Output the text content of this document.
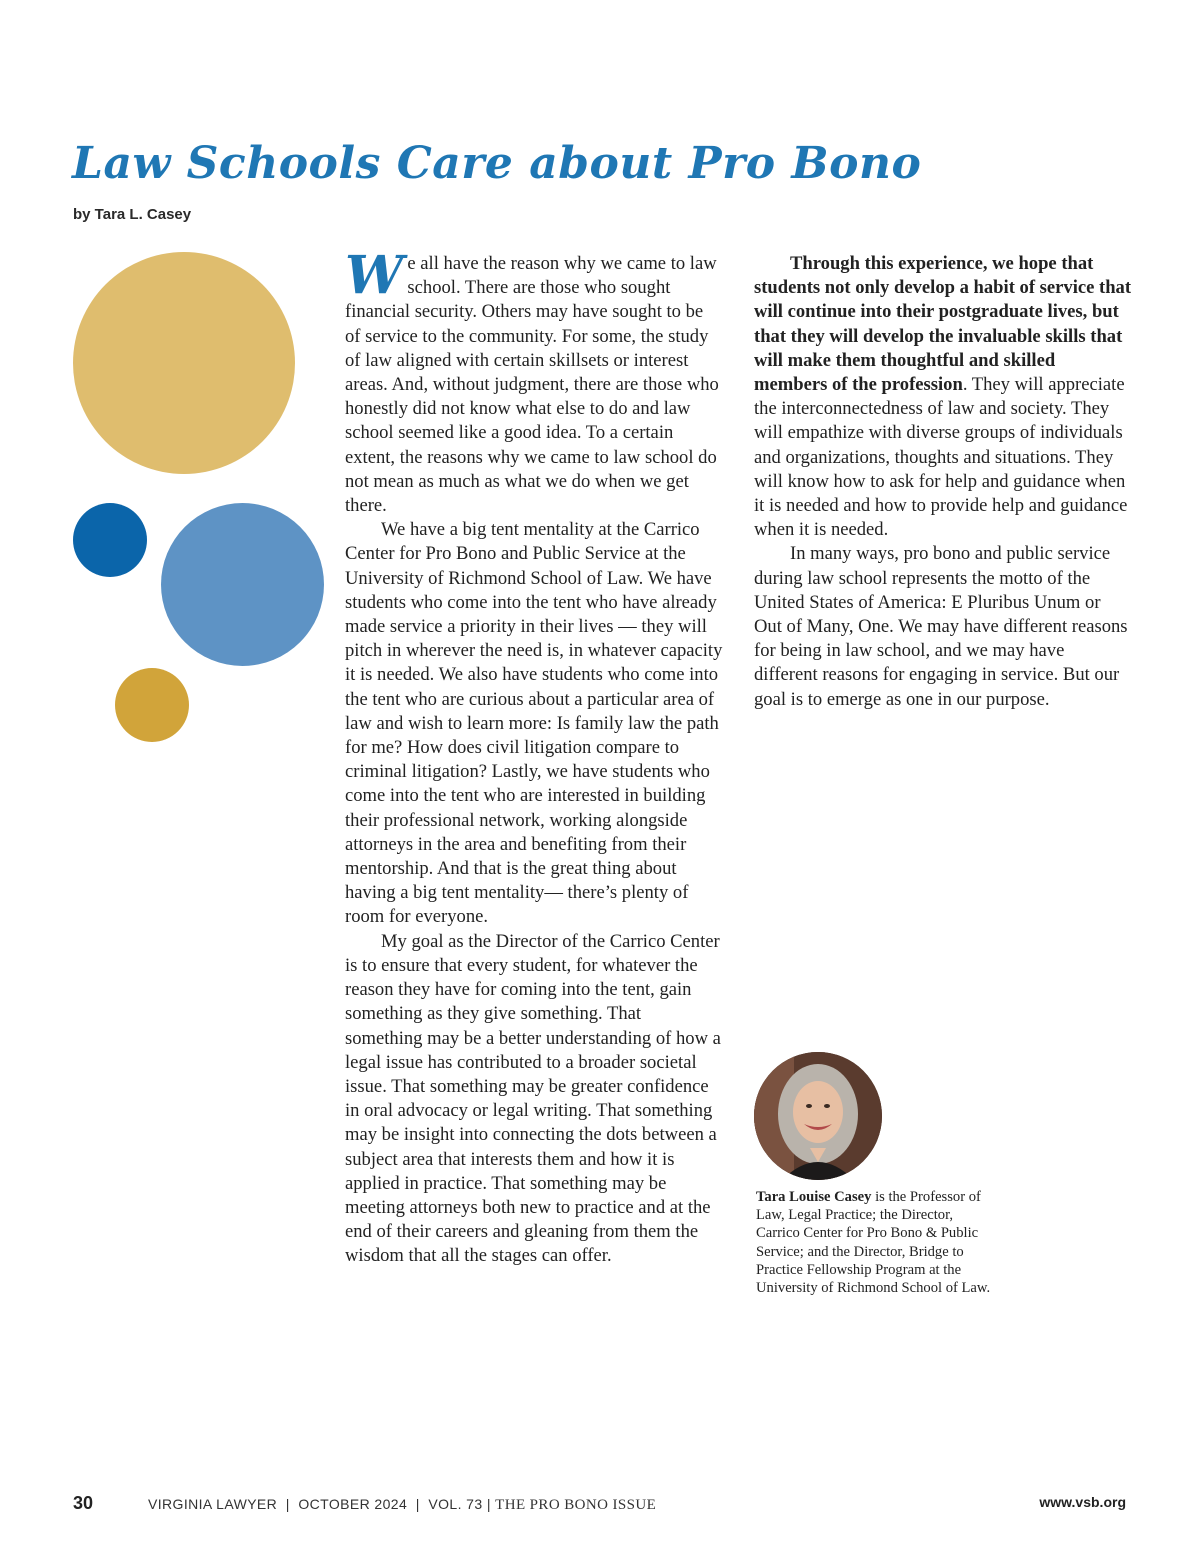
Law Schools Care about Pro Bono
by Tara L. Casey

We all have the reason why we came to law school. There are those who sought financial security. Others may have sought to be of service to the community. For some, the study of law aligned with certain skillsets or interest areas. And, without judgment, there are those who honestly did not know what else to do and law school seemed like a good idea. To a certain extent, the reasons why we came to law school do not mean as much as what we do when we get there.

We have a big tent mentality at the Carrico Center for Pro Bono and Public Service at the University of Richmond School of Law. We have students who come into the tent who have already made service a priority in their lives — they will pitch in wherever the need is, in whatever capacity it is needed. We also have students who come into the tent who are curious about a particular area of law and wish to learn more: Is family law the path for me? How does civil litigation compare to criminal litigation? Lastly, we have students who come into the tent who are interested in building their professional network, working alongside attorneys in the area and benefiting from their mentorship. And that is the great thing about having a big tent mentality— there’s plenty of room for everyone.

My goal as the Director of the Carrico Center is to ensure that every student, for whatever the reason they have for coming into the tent, gain something as they give something. That something may be a better understanding of how a legal issue has contributed to a broader societal issue. That something may be greater confidence in oral advocacy or legal writing. That something may be insight into connecting the dots between a subject area that interests them and how it is applied in practice. That something may be meeting attorneys both new to practice and at the end of their careers and gleaning from them the wisdom that all the stages can offer.

Through this experience, we hope that students not only develop a habit of service that will continue into their postgraduate lives, but that they will develop the invaluable skills that will make them thoughtful and skilled members of the profession. They will appreciate the interconnectedness of law and society. They will empathize with diverse groups of individuals and organizations, thoughts and situations. They will know how to ask for help and guidance when it is needed and how to provide help and guidance when it is needed.

In many ways, pro bono and public service during law school represents the motto of the United States of America: E Pluribus Unum or Out of Many, One. We may have different reasons for being in law school, and we may have different reasons for engaging in service. But our goal is to emerge as one in our purpose.

Tara Louise Casey is the Professor of Law, Legal Practice; the Director, Carrico Center for Pro Bono & Public Service; and the Director, Bridge to Practice Fellowship Program at the University of Richmond School of Law.
30	VIRGINIA LAWYER  |  OCTOBER 2024  |  VOL. 73 | THE PRO BONO ISSUE	www.vsb.org
